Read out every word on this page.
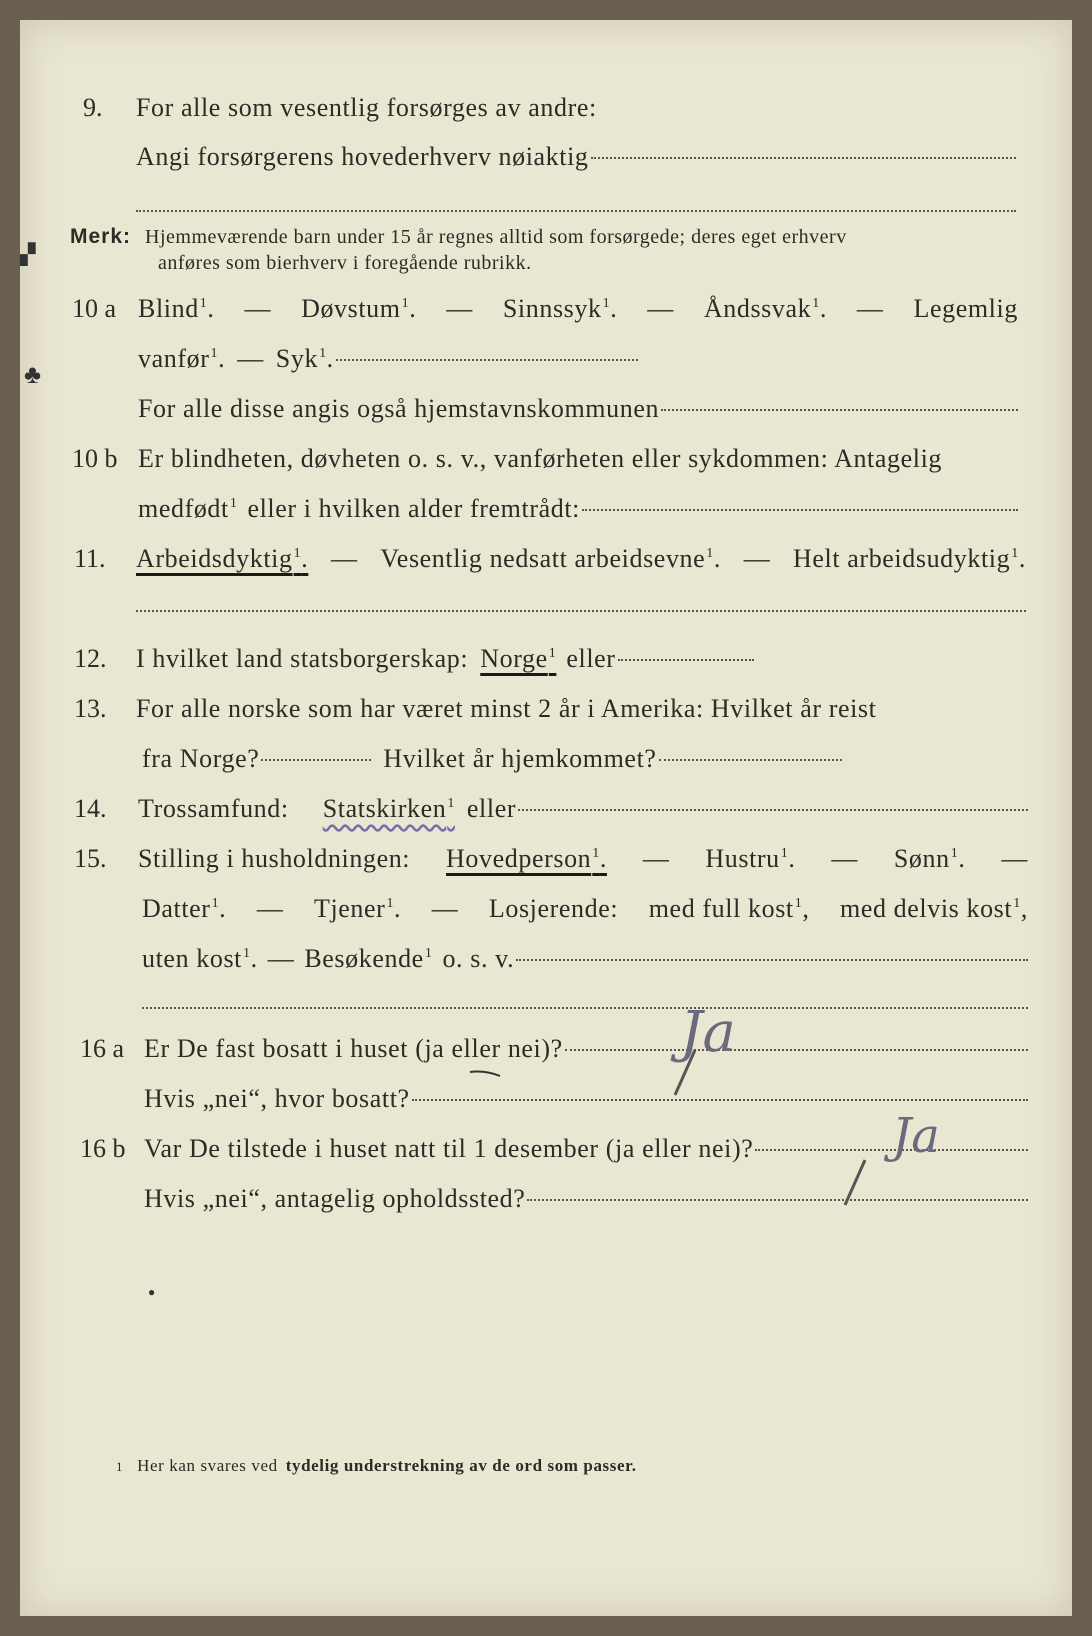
9. For alle som vesentlig forsørges av andre:
Angi forsørgerens hovederhverv nøiaktig
Merk: Hjemmeværende barn under 15 år regnes alltid som forsørgede; deres eget erhverv
anføres som bierhverv i foregående rubrikk.
10 a Blind$^1$. — Døvstum$^1$. — Sinnssyk$^1$. — Åndssvak$^1$. — Legemlig
vanfør$^1$. — Syk$^1$.
For alle disse angis også hjemstavnskommunen
10 b Er blindheten, døvheten o. s. v., vanførheten eller sykdommen: Antagelig
medfødt$^1$ eller i hvilken alder fremtrådt:
11. Arbeidsdyktig$^1$. — Vesentlig nedsatt arbeidsevne$^1$. — Helt arbeidsudyktig$^1$.
12. I hvilket land statsborgerskap: Norge$^1$ eller
13. For alle norske som har været minst 2 år i Amerika: Hvilket år reist
fra Norge?	Hvilket år hjemkommet?
14. Trossamfund: Statskirken$^1$ eller
15. Stilling i husholdningen: Hovedperson$^1$. — Hustru$^1$. — Sønn$^1$. —
Datter$^1$. — Tjener$^1$. — Losjerende: med full kost$^1$, med delvis kost$^1$,
uten kost$^1$. — Besøkende$^1$ o. s. v.
16 a Er De fast bosatt i huset (ja eller nei)? Ja
Hvis „nei“, hvor bosatt?
16 b Var De tilstede i huset natt til 1 desember (ja eller nei)?	Ja
Hvis „nei“, antagelig opholdssted?
▞
♣
●
1 Her kan svares ved tydelig understrekning av de ord som passer.
